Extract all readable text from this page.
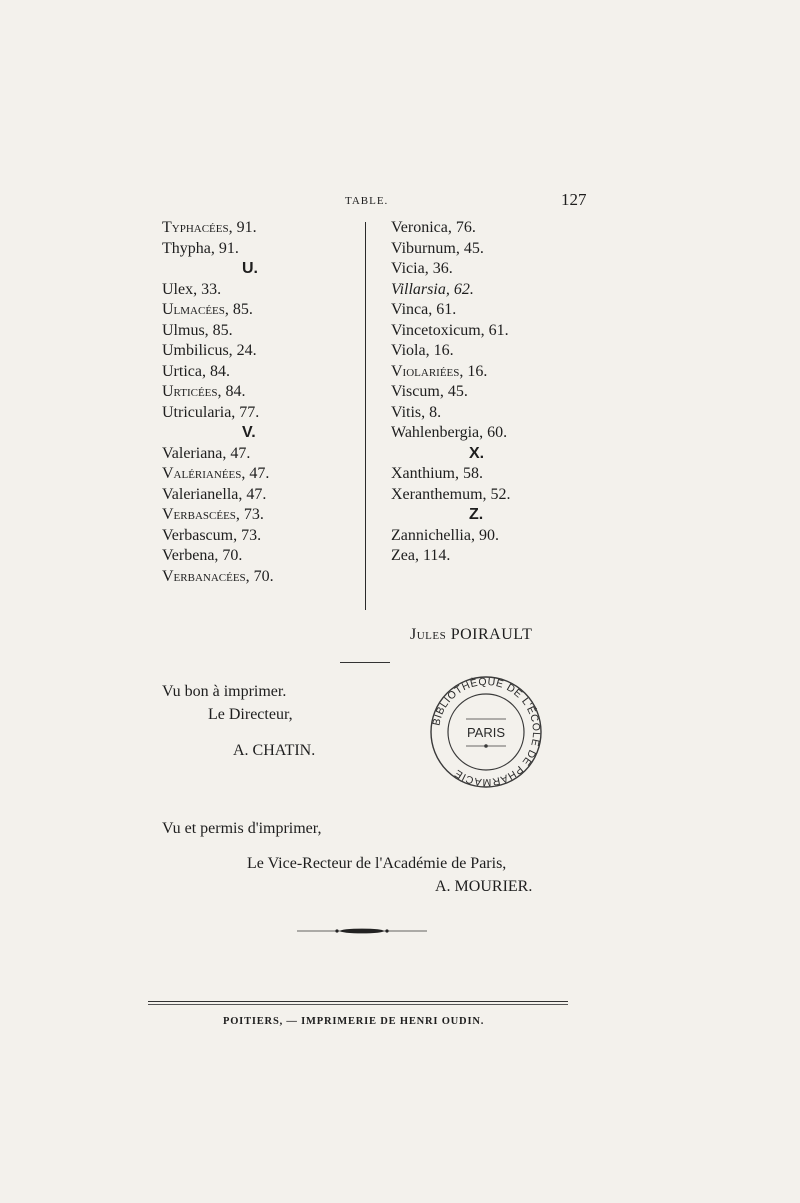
TABLE.	127
Typhacées, 91.
Thypha, 91.
U.
Ulex, 33.
Ulmacées, 85.
Ulmus, 85.
Umbilicus, 24.
Urtica, 84.
Urticées, 84.
Utricularia, 77.
V.
Valeriana, 47.
Valérianées, 47.
Valerianella, 47.
Verbascées, 73.
Verbascum, 73.
Verbena, 70.
Verbanacées, 70.
Veronica, 76.
Viburnum, 45.
Vicia, 36.
Villarsia, 62.
Vinca, 61.
Vincetoxicum, 61.
Viola, 16.
Violariées, 16.
Viscum, 45.
Vitis, 8.
Wahlenbergia, 60.
X.
Xanthium, 58.
Xeranthemum, 52.
Z.
Zannichellia, 90.
Zea, 114.
Jules POIRAULT
Vu bon à imprimer.
Le Directeur,
A. CHATIN.
BIBLIOTHÈQUE DE L'ÉCOLE DE PHARMACIE
PARIS
Vu et permis d'imprimer,
Le Vice-Recteur de l'Académie de Paris,
A. MOURIER.
POITIERS, — IMPRIMERIE DE HENRI OUDIN.
